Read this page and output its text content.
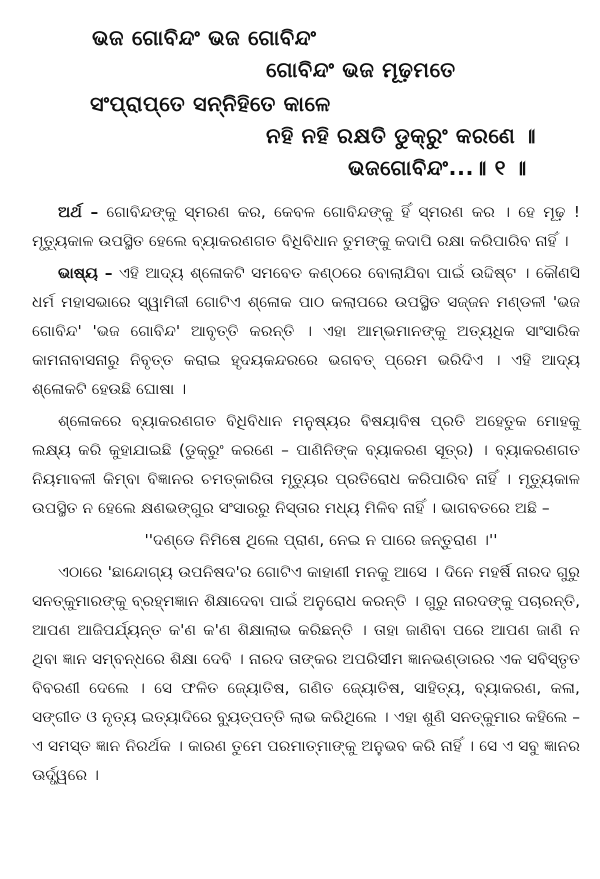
ଭଜ ଗୋବିନ୍ଦଂ ଭଜ ଗୋବିନ୍ଦଂ
ଗୋବିନ୍ଦଂ ଭଜ ମୂଢ଼ମତେ
ସଂପ୍ରାପ୍ତେ ସନ୍ନିହିତେ କାଳେ
ନହି ନହି ରକ୍ଷତି ଡୁକ୍ରୁଂ କରଣେ ॥
ଭଜଗୋବିନ୍ଦଂ...॥ ୧ ॥

ଅର୍ଥ – ଗୋବିନ୍ଦଙ୍କୁ ସ୍ମରଣ କର, କେବଳ ଗୋବିନ୍ଦଙ୍କୁ ହିଁ ସ୍ମରଣ କର । ହେ ମୂଢ଼ ! ମୃତ୍ୟୁକାଳ ଉପସ୍ଥିତ ହେଲେ ବ୍ୟାକରଣଗତ ବିଧିବିଧାନ ତୁମଙ୍କୁ କଦାପି ରକ୍ଷା କରିପାରିବ ନାହିଁ ।

ଭାଷ୍ୟ – ଏହି ଆଦ୍ୟ ଶ୍ଳୋକଟି ସମବେତ କଣ୍ଠରେ ବୋଲାଯିବା ପାଇଁ ଉଦ୍ଦିଷ୍ଟ । କୌଣସି ଧର୍ମ ମହାସଭାରେ ସ୍ୱାମିଜୀ ଗୋଟିଏ ଶ୍ଳୋକ ପାଠ କଲାପରେ ଉପସ୍ଥିତ ସଜ୍ଜନ ମଣ୍ଡଳୀ 'ଭଜ ଗୋବିନ୍ଦ' 'ଭଜ ଗୋବିନ୍ଦ' ଆବୃତ୍ତି କରନ୍ତି । ଏହା ଆମ୍ଭମାନଙ୍କୁ ଅତ୍ୟଧିକ ସାଂସାରିକ କାମନାବାସନାରୁ ନିବୃତ୍ତ କରାଇ ହୃଦୟକନ୍ଦରରେ ଭଗବତ୍ ପ୍ରେମ ଭରିଦିଏ । ଏହି ଆଦ୍ୟ ଶ୍ଳୋକଟି ହେଉଛି ଘୋଷା ।

ଶ୍ଳୋକରେ ବ୍ୟାକରଣଗତ ବିଧିବିଧାନ ମନୁଷ୍ୟର ବିଷୟାବିଷ ପ୍ରତି ଅହେତୁକ ମୋହକୁ ଲକ୍ଷ୍ୟ କରି କୁହାଯାଇଛି (ଡୁକ୍ରୁଂ କରଣେ – ପାଣିନିଙ୍କ ବ୍ୟାକରଣ ସୂତ୍ର) । ବ୍ୟାକରଣଗତ ନିୟମାବଳୀ କିମ୍ବା ବିଜ୍ଞାନର ଚମତ୍କାରିତା ମୃତ୍ୟୁର ପ୍ରତିରୋଧ କରିପାରିବ ନାହିଁ । ମୃତ୍ୟୁକାଳ ଉପସ୍ଥିତ ନ ହେଲେ କ୍ଷଣଭଙ୍ଗୁର ସଂସାରରୁ ନିସ୍ତାର ମଧ୍ୟ ମିଳିବ ନାହିଁ । ଭାଗବତରେ ଅଛି –

''ଦଣ୍ଡେ ନିମିଷେ ଥିଲେ ପ୍ରାଣ, ନେଇ ନ ପାରେ ଜନ୍ତୁରାଣ ।''

ଏଠାରେ 'ଛାନ୍ଦୋଗ୍ୟ ଉପନିଷଦ'ର ଗୋଟିଏ କାହାଣୀ ମନକୁ ଆସେ । ଦିନେ ମହର୍ଷି ନାରଦ ଗୁରୁ ସନତ୍‌କୁମାରଙ୍କୁ ବ୍ରହ୍ମଜ୍ଞାନ ଶିକ୍ଷାଦେବା ପାଇଁ ଅନୁରୋଧ କରନ୍ତି । ଗୁରୁ ନାରଦଙ୍କୁ ପଚାରନ୍ତି, ଆପଣ ଆଜିପର୍ଯ୍ୟନ୍ତ କ'ଣ କ'ଣ ଶିକ୍ଷାଲାଭ କରିଛନ୍ତି । ତାହା ଜାଣିବା ପରେ ଆପଣ ଜାଣି ନ ଥିବା ଜ୍ଞାନ ସମ୍ବନ୍ଧରେ ଶିକ୍ଷା ଦେବି । ନାରଦ ତାଙ୍କର ଅପରିସୀମ ଜ୍ଞାନଭଣ୍ଡାରର ଏକ ସବିସ୍ତୃତ ବିବରଣୀ ଦେଲେ । ସେ ଫଳିତ ଜ୍ୟୋତିଷ, ଗଣିତ ଜ୍ୟୋତିଷ, ସାହିତ୍ୟ, ବ୍ୟାକରଣ, କଳା, ସଙ୍ଗୀତ ଓ ନୃତ୍ୟ ଇତ୍ୟାଦିରେ ବ୍ୟୁତ୍ପତ୍ତି ଲାଭ କରିଥିଲେ । ଏହା ଶୁଣି ସନତ୍‌କୁମାର କହିଲେ – ଏ ସମସ୍ତ ଜ୍ଞାନ ନିରର୍ଥକ । କାରଣ ତୁମେ ପରମାତ୍ମାଙ୍କୁ ଅନୁଭବ କରି ନାହିଁ । ସେ ଏ ସବୁ ଜ୍ଞାନର ଊର୍ଦ୍ଧ୍ୱରେ ।
